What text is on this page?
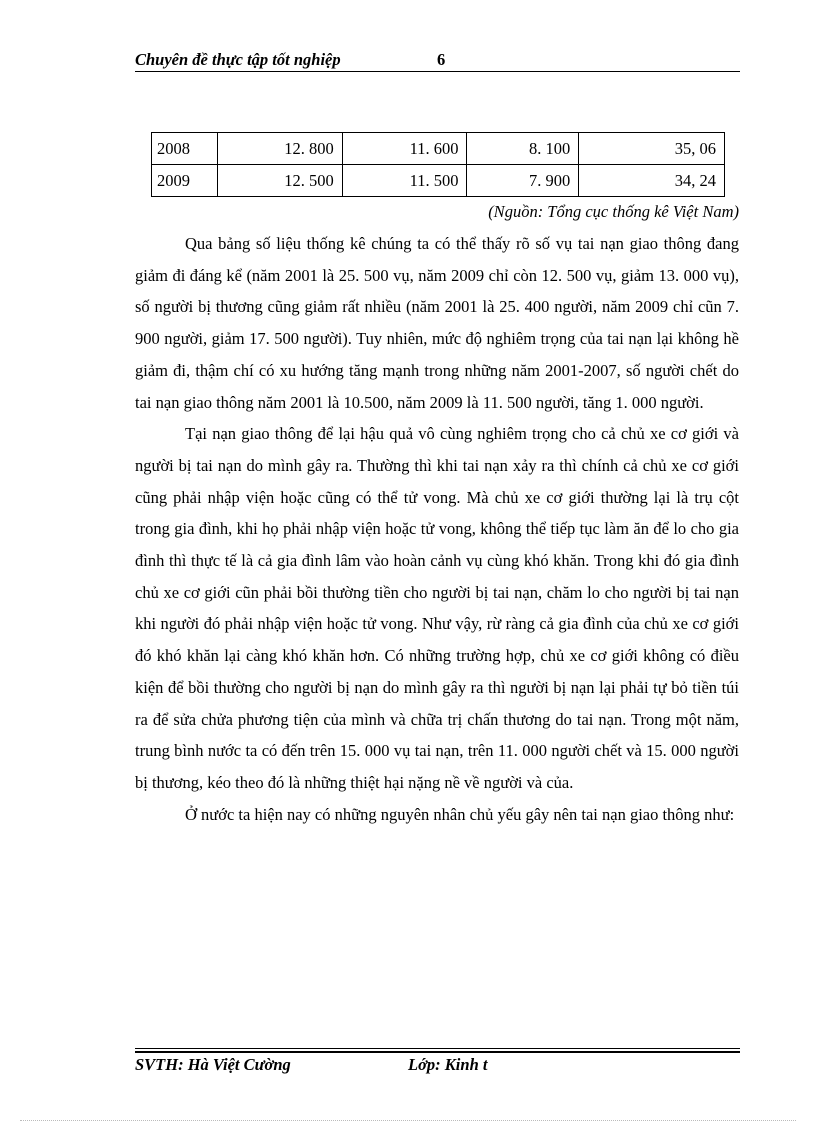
Chuyên đề thực tập tốt nghiệp	6
2008	12. 800	11. 600	8. 100	35, 06
2009	12. 500	11. 500	7. 900	34, 24
(Nguồn: Tổng cục thống kê Việt Nam)

Qua bảng số liệu thống kê chúng ta có thể thấy rõ số vụ tai nạn giao thông đang giảm đi đáng kể (năm 2001 là 25. 500 vụ, năm 2009 chỉ còn 12. 500 vụ, giảm 13. 000 vụ), số người bị thương cũng giảm rất nhiều (năm 2001 là 25. 400 người, năm 2009 chỉ cũn 7. 900 người, giảm 17. 500 người). Tuy nhiên, mức độ nghiêm trọng của tai nạn lại không hề giảm đi, thậm chí có xu hướng tăng mạnh trong những năm 2001-2007, số người chết do tai nạn giao thông năm 2001 là 10.500, năm 2009 là 11. 500 người, tăng 1. 000 người.

Tại nạn giao thông để lại hậu quả vô cùng nghiêm trọng cho cả chủ xe cơ giới và người bị tai nạn do mình gây ra. Thường thì khi tai nạn xảy ra thì chính cả chủ xe cơ giới cũng phải nhập viện hoặc cũng có thể tử vong. Mà chủ xe cơ giới thường lại là trụ cột trong gia đình, khi họ phải nhập viện hoặc tử vong, không thể tiếp tục làm ăn để lo cho gia đình thì thực tế là cả gia đình lâm vào hoàn cảnh vụ cùng khó khăn. Trong khi đó gia đình chủ xe cơ giới cũn phải bồi thường tiền cho người bị tai nạn, chăm lo cho người bị tai nạn khi người đó phải nhập viện hoặc tử vong. Như vậy, rừ ràng cả gia đình của chủ xe cơ giới đó khó khăn lại càng khó khăn hơn. Có những trường hợp, chủ xe cơ giới không có điều kiện để bồi thường cho người bị nạn do mình gây ra thì người bị nạn lại phải tự bỏ tiền túi ra để sửa chửa phương tiện của mình và chữa trị chấn thương do tai nạn. Trong một năm, trung bình nước ta có đến trên 15. 000 vụ tai nạn, trên 11. 000 người chết và 15. 000 người bị thương, kéo theo đó là những thiệt hại nặng nề về người và của.

Ở nước ta hiện nay có những nguyên nhân chủ yếu gây nên tai nạn giao thông như:

SVTH: Hà Việt Cường	Lớp: Kinh t
